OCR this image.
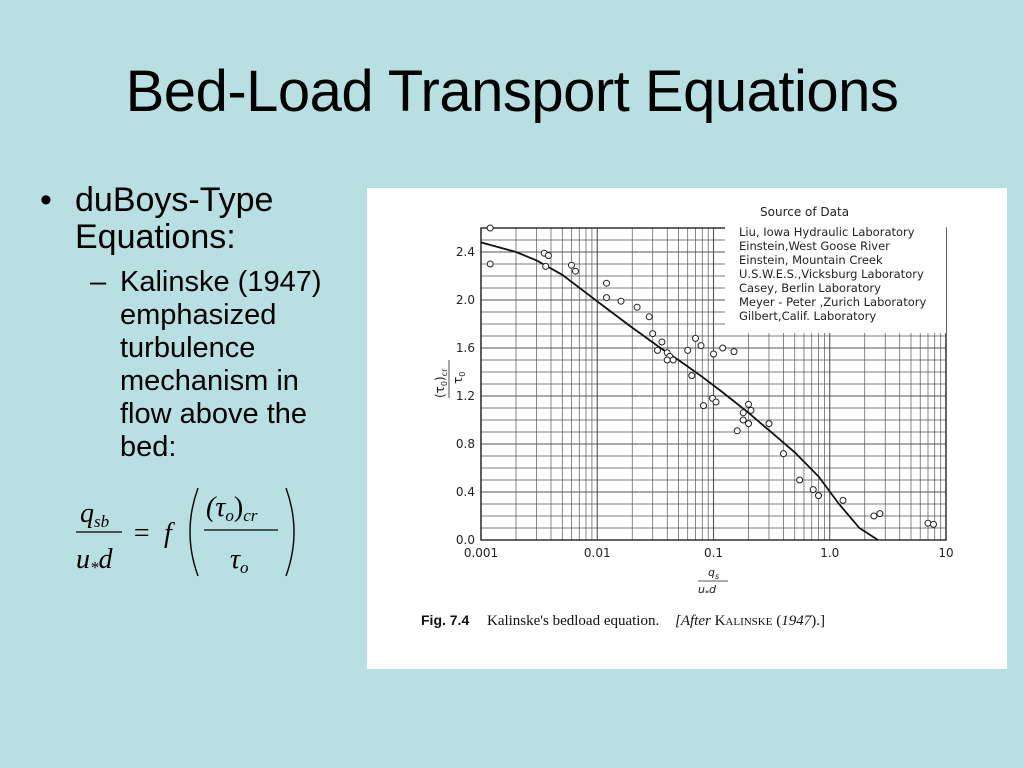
Bed-Load Transport Equations
• duBoys-Type Equations:
– Kalinske (1947)
emphasized
turbulence
mechanism in
flow above the
bed:
qsb
u*d
= f
(τo)cr
τo
Source of Data
Liu, Iowa Hydraulic Laboratory
Einstein,West Goose River
Einstein, Mountain Creek
U.S.W.E.S.,Vicksburg Laboratory
Casey, Berlin Laboratory
Meyer - Peter ,Zurich Laboratory
Gilbert,Calif. Laboratory
0.0
0.4
0.8
1.2
1.6
2.0
2.4
0.001	0.01	0.1	1.0	10
$(\tau_0)_{cr}$
$\tau_0$
$q_s$
$u_*d$
Fig. 7.4 Kalinske's bedload equation. [After Kalinske (1947).]
